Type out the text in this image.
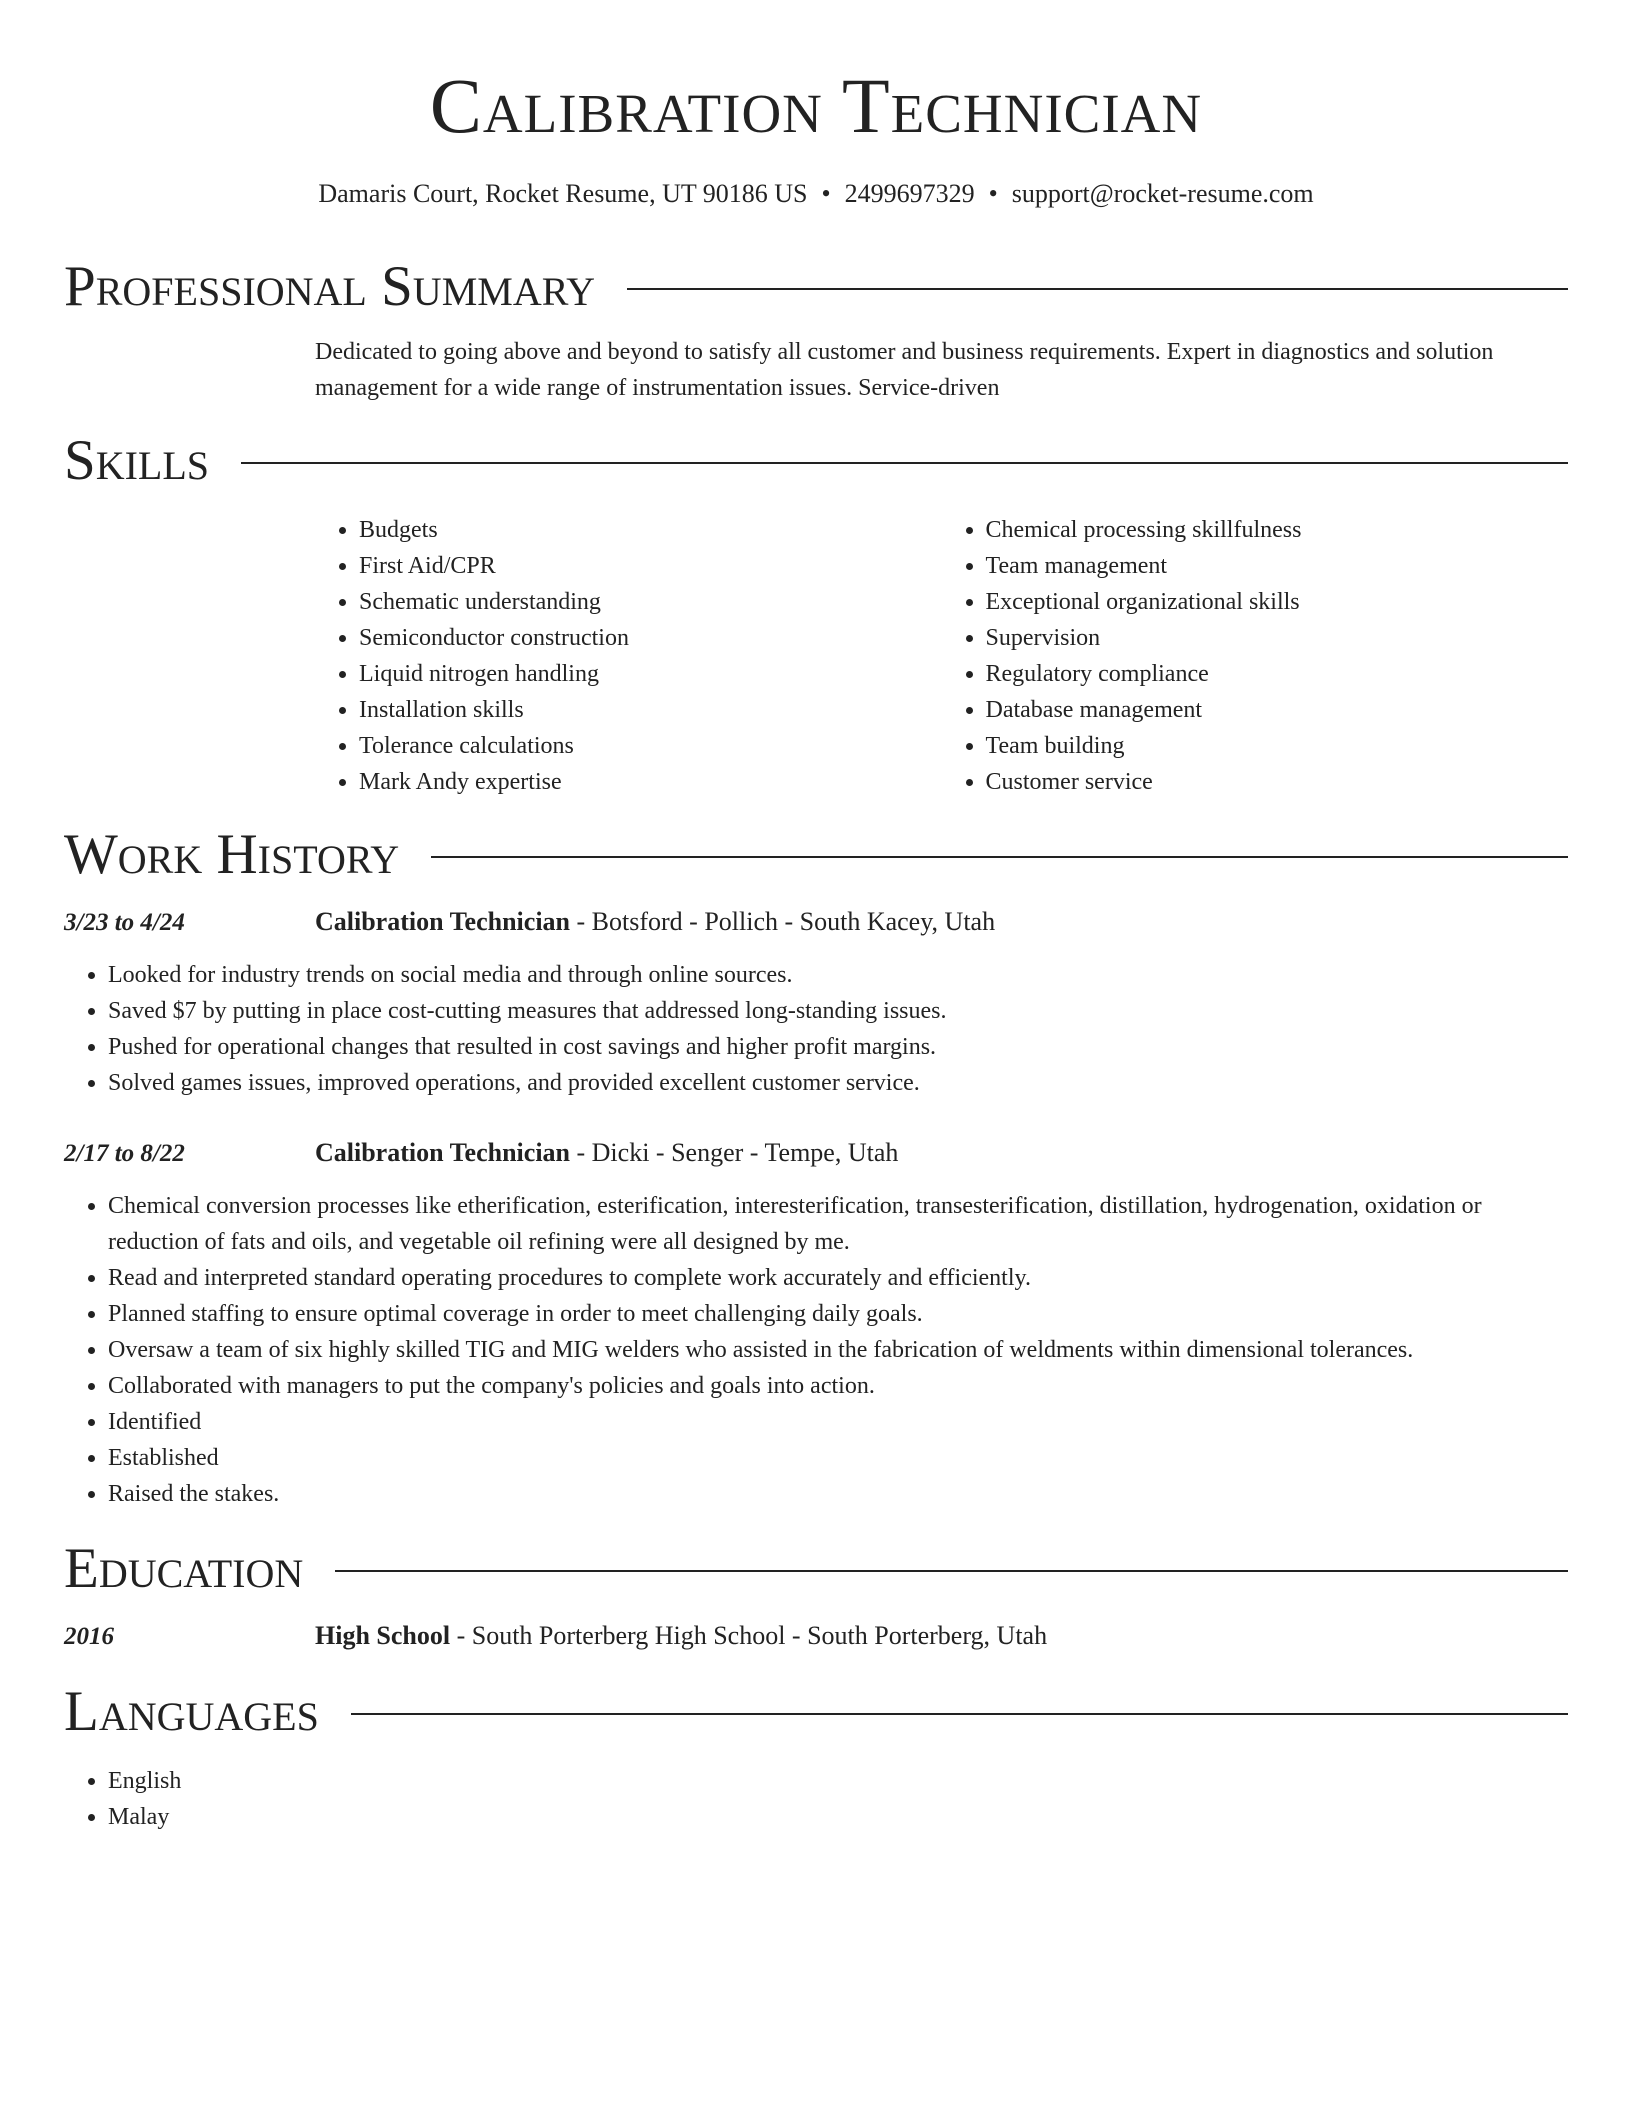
Calibration Technician
Damaris Court, Rocket Resume, UT 90186 US • 2499697329 • support@rocket-resume.com
Professional Summary
Dedicated to going above and beyond to satisfy all customer and business requirements. Expert in diagnostics and solution management for a wide range of instrumentation issues. Service-driven
Skills
• Budgets
• First Aid/CPR
• Schematic understanding
• Semiconductor construction
• Liquid nitrogen handling
• Installation skills
• Tolerance calculations
• Mark Andy expertise
• Chemical processing skillfulness
• Team management
• Exceptional organizational skills
• Supervision
• Regulatory compliance
• Database management
• Team building
• Customer service
Work History
3/23 to 4/24	Calibration Technician - Botsford - Pollich - South Kacey, Utah
• Looked for industry trends on social media and through online sources.
• Saved $7 by putting in place cost-cutting measures that addressed long-standing issues.
• Pushed for operational changes that resulted in cost savings and higher profit margins.
• Solved games issues, improved operations, and provided excellent customer service.
2/17 to 8/22	Calibration Technician - Dicki - Senger - Tempe, Utah
• Chemical conversion processes like etherification, esterification, interesterification, transesterification, distillation, hydrogenation, oxidation or reduction of fats and oils, and vegetable oil refining were all designed by me.
• Read and interpreted standard operating procedures to complete work accurately and efficiently.
• Planned staffing to ensure optimal coverage in order to meet challenging daily goals.
• Oversaw a team of six highly skilled TIG and MIG welders who assisted in the fabrication of weldments within dimensional tolerances.
• Collaborated with managers to put the company's policies and goals into action.
• Identified
• Established
• Raised the stakes.
Education
2016	High School - South Porterberg High School - South Porterberg, Utah
Languages
• English
• Malay
